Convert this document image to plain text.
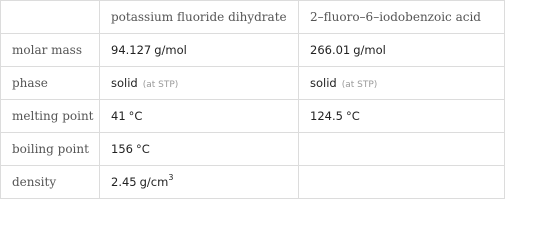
	potassium fluoride dihydrate	2–fluoro–6–iodobenzoic acid
molar mass	94.127 g/mol	266.01 g/mol
phase	solid (at STP)	solid (at STP)
melting point	41 °C	124.5 °C
boiling point	156 °C	
density	2.45 $g/cm^3$	
